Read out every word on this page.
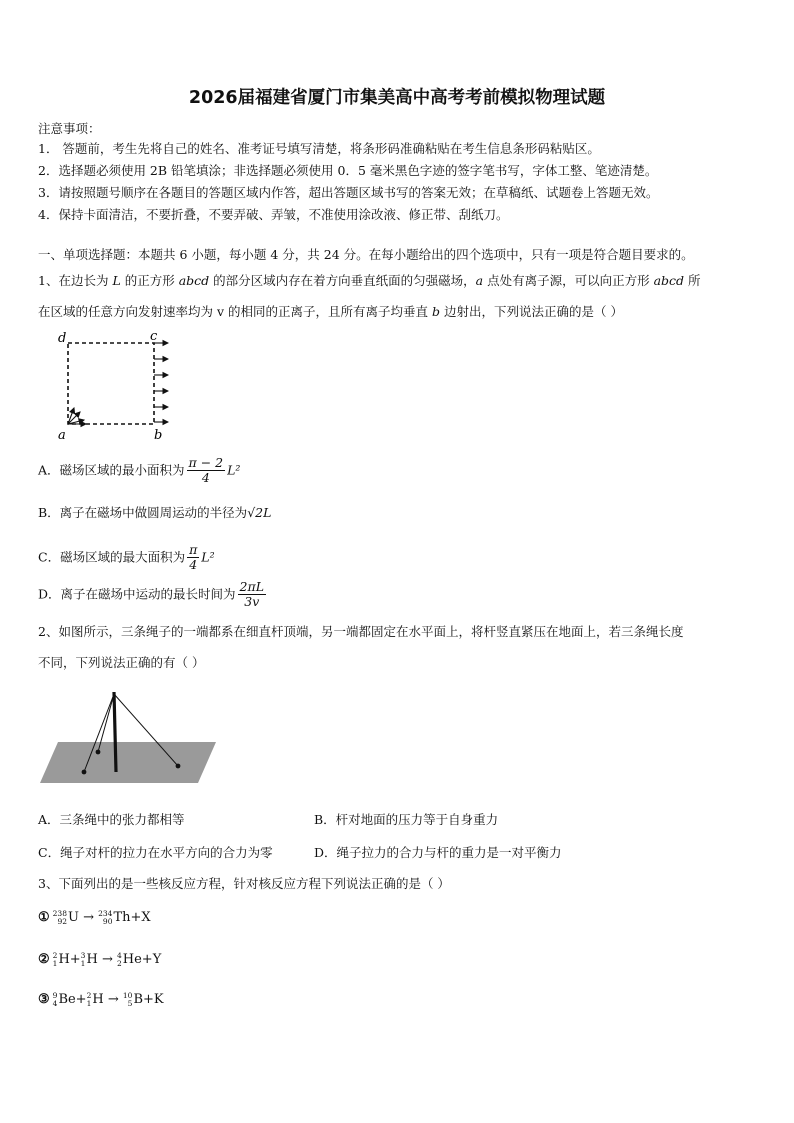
2026届福建省厦门市集美高中高考考前模拟物理试题
注意事项：
1． 答题前，考生先将自己的姓名、准考证号填写清楚，将条形码准确粘贴在考生信息条形码粘贴区。
2．选择题必须使用 2B 铅笔填涂；非选择题必须使用 0．5 毫米黑色字迹的签字笔书写，字体工整、笔迹清楚。
3．请按照题号顺序在各题目的答题区域内作答，超出答题区域书写的答案无效；在草稿纸、试题卷上答题无效。
4．保持卡面清洁，不要折叠，不要弄破、弄皱，不准使用涂改液、修正带、刮纸刀。
一、单项选择题：本题共 6 小题，每小题 4 分，共 24 分。在每小题给出的四个选项中，只有一项是符合题目要求的。
1、在边长为 L 的正方形 abcd 的部分区域内存在着方向垂直纸面的匀强磁场，a 点处有离子源，可以向正方形 abcd 所
在区域的任意方向发射速率均为 v 的相同的正离子，且所有离子均垂直 b 边射出，下列说法正确的是（ ）
d	c
a	b
A．磁场区域的最小面积为 $\frac{\pi - 2}{4} L^2$
B．离子在磁场中做圆周运动的半径为√2L
C．磁场区域的最大面积为 $\frac{\pi}{4} L^2$
D．离子在磁场中运动的最长时间为 $\frac{2\pi L}{3v}$
2、如图所示，三条绳子的一端都系在细直杆顶端，另一端都固定在水平面上，将杆竖直紧压在地面上，若三条绳长度
不同，下列说法正确的有（ ）
A．三条绳中的张力都相等	B．杆对地面的压力等于自身重力
C．绳子对杆的拉力在水平方向的合力为零	D．绳子拉力的合力与杆的重力是一对平衡力
3、下面列出的是一些核反应方程，针对核反应方程下列说法正确的是（ ）
① 238
92 U → 234
90 Th+X
② 2
1 H+ 3
1 H → 4
2 He+Y
③ 9
4 Be+ 2
1 H → 10
5 B+K
